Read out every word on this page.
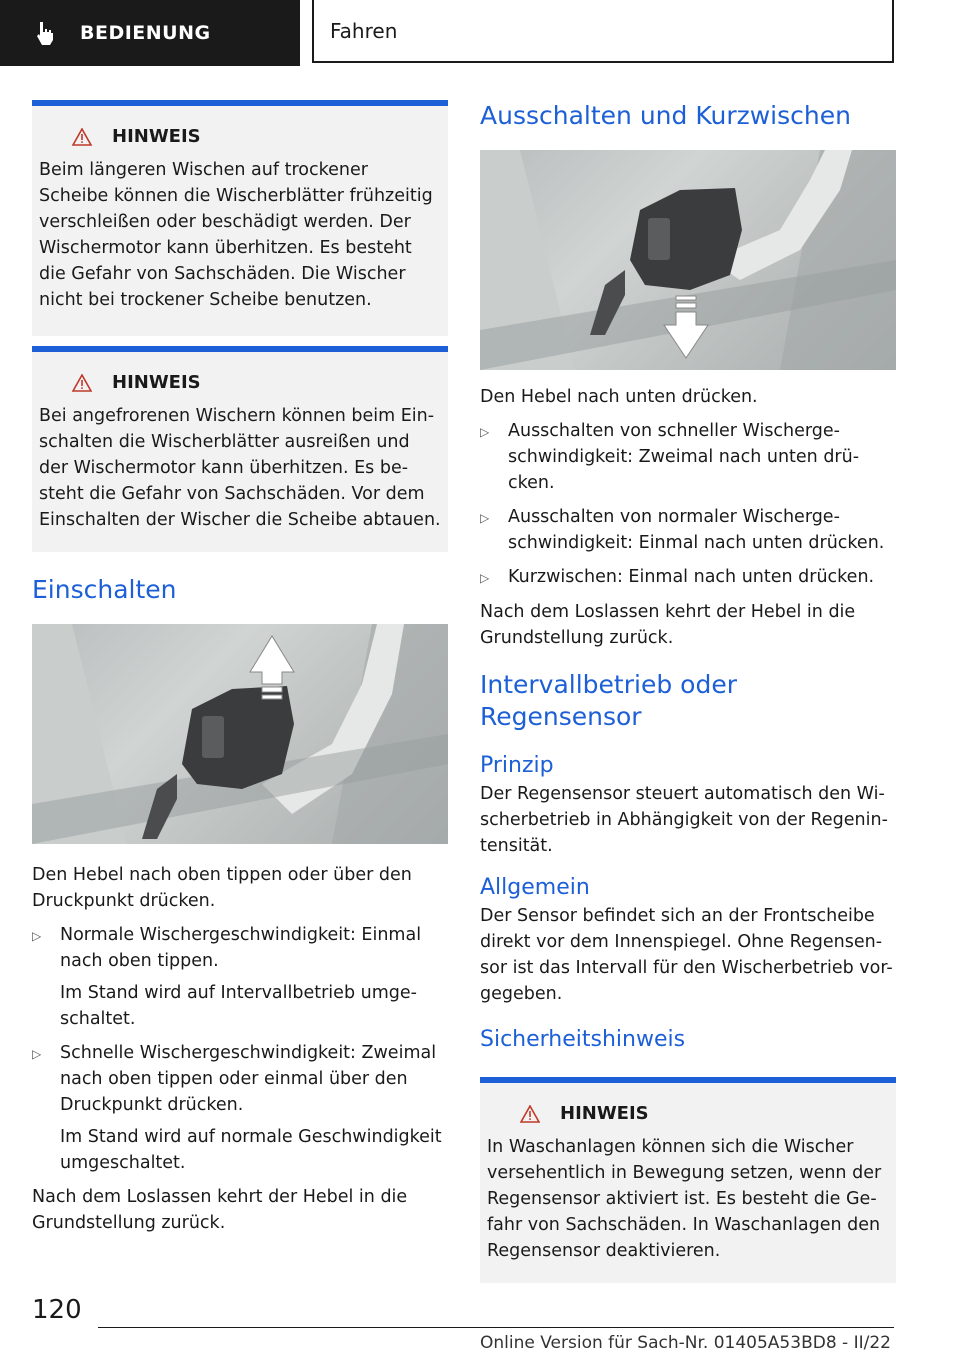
BEDIENUNG	Fahren
HINWEIS
Beim längeren Wischen auf trockener
Scheibe können die Wischerblätter frühzeitig
verschleißen oder beschädigt werden. Der
Wischermotor kann überhitzen. Es besteht
die Gefahr von Sachschäden. Die Wischer
nicht bei trockener Scheibe benutzen.
HINWEIS
Bei angefrorenen Wischern können beim Ein-
schalten die Wischerblätter ausreißen und
der Wischermotor kann überhitzen. Es be-
steht die Gefahr von Sachschäden. Vor dem
Einschalten der Wischer die Scheibe abtauen.
Einschalten

Den Hebel nach oben tippen oder über den

Druckpunkt drücken.

▷	Normale Wischergeschwindigkeit: Einmal
nach oben tippen.

Im Stand wird auf Intervallbetrieb umge-

schaltet.

▷	Schnelle Wischergeschwindigkeit: Zweimal
nach oben tippen oder einmal über den
Druckpunkt drücken.

Im Stand wird auf normale Geschwindigkeit

umgeschaltet.

Nach dem Loslassen kehrt der Hebel in die

Grundstellung zurück.

Ausschalten und Kurzwischen

Den Hebel nach unten drücken.

▷	Ausschalten von schneller Wischerge-
schwindigkeit: Zweimal nach unten drü-
cken.
▷	Ausschalten von normaler Wischerge-
schwindigkeit: Einmal nach unten drücken.
▷	Kurzwischen: Einmal nach unten drücken.

Nach dem Loslassen kehrt der Hebel in die

Grundstellung zurück.

Intervallbetrieb oder Regensensor
Prinzip

Der Regensensor steuert automatisch den Wi-

scherbetrieb in Abhängigkeit von der Regenin-

tensität.

Allgemein

Der Sensor befindet sich an der Frontscheibe

direkt vor dem Innenspiegel. Ohne Regensen-

sor ist das Intervall für den Wischerbetrieb vor-

gegeben.

Sicherheitshinweis
HINWEIS
In Waschanlagen können sich die Wischer
versehentlich in Bewegung setzen, wenn der
Regensensor aktiviert ist. Es besteht die Ge-
fahr von Sachschäden. In Waschanlagen den
Regensensor deaktivieren.
120
Online Version für Sach-Nr. 01405A53BD8 - II/22
